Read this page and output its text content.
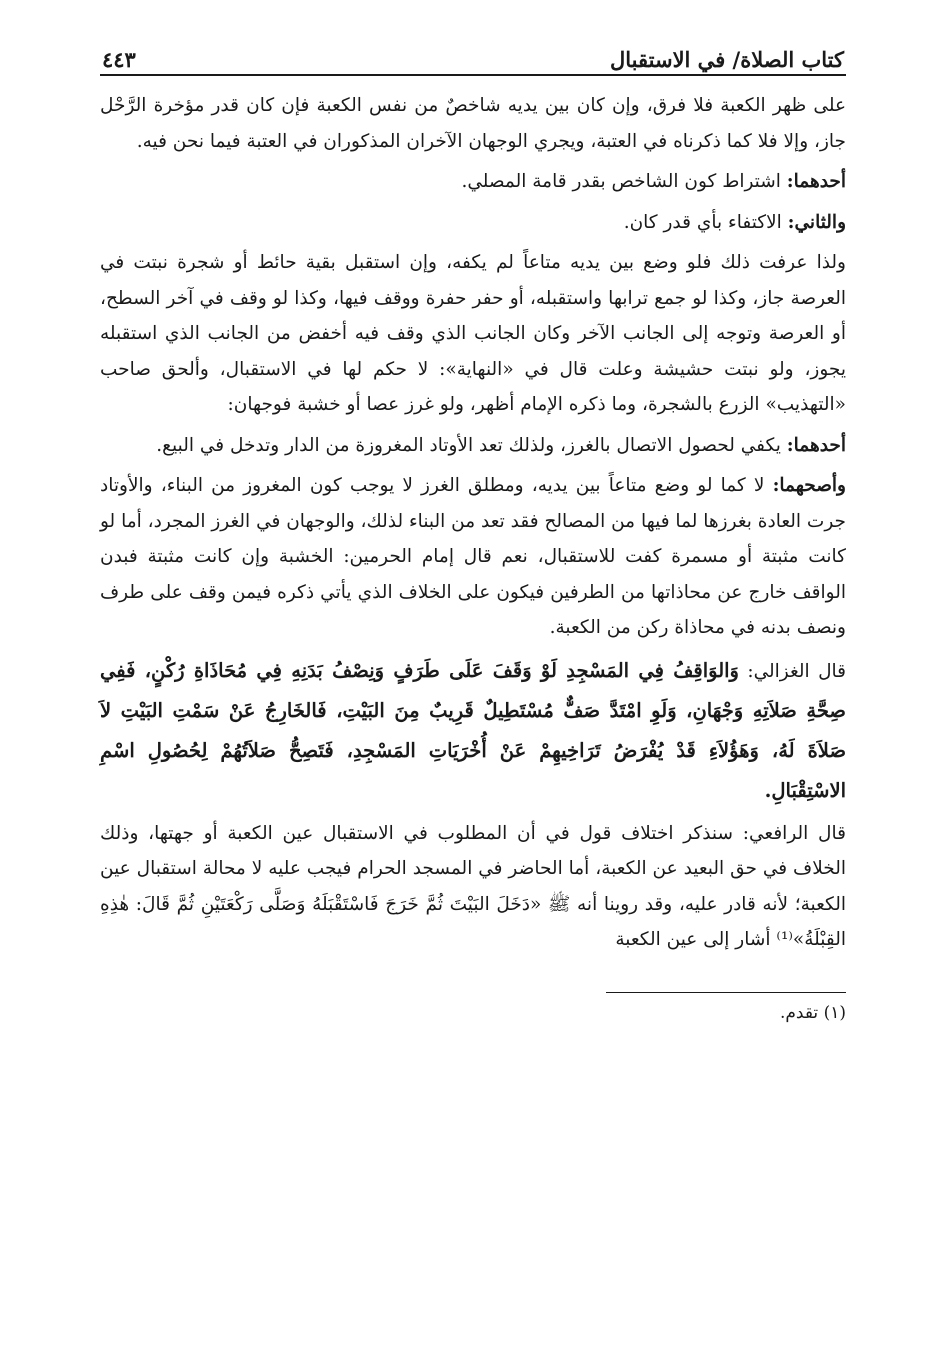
كتاب الصلاة/ في الاستقبال
٤٤٣

على ظهر الكعبة فلا فرق، وإن كان بين يديه شاخصٌ من نفس الكعبة فإن كان قدر مؤخرة الرَّحْل جاز، وإلا فلا كما ذكرناه في العتبة، ويجري الوجهان الآخران المذكوران في العتبة فيما نحن فيه.

أحدهما: اشتراط كون الشاخص بقدر قامة المصلي.

والثاني: الاكتفاء بأي قدر كان.

ولذا عرفت ذلك فلو وضع بين يديه متاعاً لم يكفه، وإن استقبل بقية حائط أو شجرة نبتت في العرصة جاز، وكذا لو جمع ترابها واستقبله، أو حفر حفرة ووقف فيها، وكذا لو وقف في آخر السطح، أو العرصة وتوجه إلى الجانب الآخر وكان الجانب الذي وقف فيه أخفض من الجانب الذي استقبله يجوز، ولو نبتت حشيشة وعلت قال في «النهاية»: لا حكم لها في الاستقبال، وألحق صاحب «التهذيب» الزرع بالشجرة، وما ذكره الإمام أظهر، ولو غرز عصا أو خشبة فوجهان:

أحدهما: يكفي لحصول الاتصال بالغرز، ولذلك تعد الأوتاد المغروزة من الدار وتدخل في البيع.

وأصحهما: لا كما لو وضع متاعاً بين يديه، ومطلق الغرز لا يوجب كون المغروز من البناء، والأوتاد جرت العادة بغرزها لما فيها من المصالح فقد تعد من البناء لذلك، والوجهان في الغرز المجرد، أما لو كانت مثبتة أو مسمرة كفت للاستقبال، نعم قال إمام الحرمين: الخشبة وإن كانت مثبتة فبدن الواقف خارج عن محاذاتها من الطرفين فيكون على الخلاف الذي يأتي ذكره فيمن وقف على طرف ونصف بدنه في محاذاة ركن من الكعبة.

قال الغزالي: وَالوَاقِفُ فِي المَسْجِدِ لَوْ وَقَفَ عَلَى طَرَفٍ وَنِصْفُ بَدَنِهِ فِي مُحَاذَاةِ رُكْنٍ، فَفِي صِحَّةِ صَلاَتِهِ وَجْهَانِ، وَلَوِ امْتَدَّ صَفٌّ مُسْتَطِيلٌ قَرِيبٌ مِنَ البَيْتِ، فَالخَارِجُ عَنْ سَمْتِ البَيْتِ لاَ صَلاَةَ لَهُ، وَهَؤُلاَءِ قَدْ يُفْرَضُ تَرَاخِيهِمْ عَنْ أُخْرَيَاتِ المَسْجِدِ، فَتَصِحُّ صَلاَتُهُمْ لِحُصُولِ اسْمِ الاسْتِقْبَالِ.

قال الرافعي: سنذكر اختلاف قول في أن المطلوب في الاستقبال عين الكعبة أو جهتها، وذلك الخلاف في حق البعيد عن الكعبة، أما الحاضر في المسجد الحرام فيجب عليه لا محالة استقبال عين الكعبة؛ لأنه قادر عليه، وقد روينا أنه ﷺ «دَخَلَ البَيْتَ ثُمَّ خَرَجَ فَاسْتَقْبَلَهُ وَصَلَّى رَكْعَتَيْنِ ثُمَّ قَالَ: هٰذِهِ القِبْلَةُ»⁽¹⁾ أشار إلى عين الكعبة

(١) تقدم.
